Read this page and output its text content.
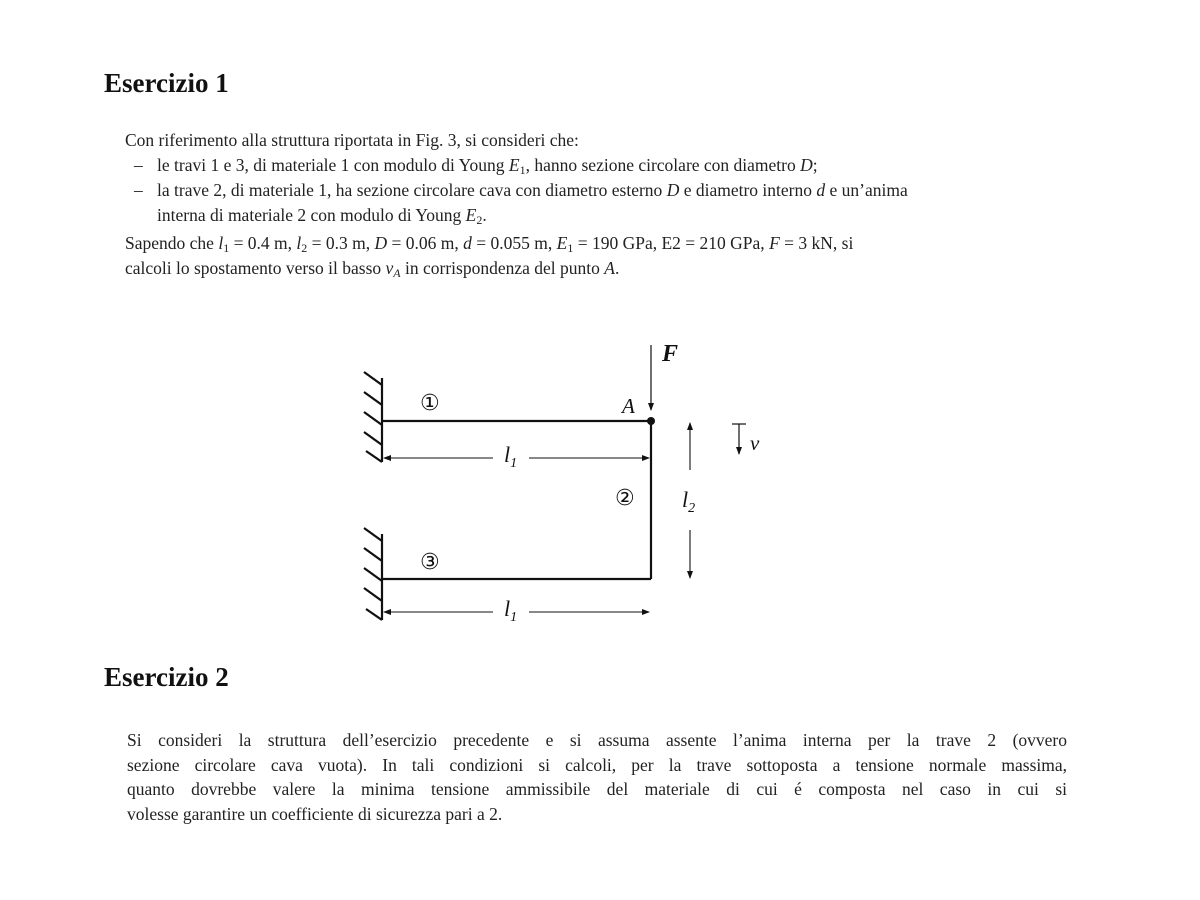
Esercizio 1
Con riferimento alla struttura riportata in Fig. 3, si consideri che:
– le travi 1 e 3, di materiale 1 con modulo di Young $E_1$, hanno sezione circolare con diametro D;
– la trave 2, di materiale 1, ha sezione circolare cava con diametro esterno D e diametro interno d e un’anima
interna di materiale 2 con modulo di Young $E_2$.
Sapendo che $l_1 = 0.4$ m, $l_2 = 0.3$ m, D = 0.06 m, d = 0.055 m, $E_1 = 190$ GPa, E2 = 210 GPa, F = 3 kN, si
calcoli lo spostamento verso il basso $v_A$ in corrispondenza del punto A.
F
A
①
②
③
$l_1$
$l_1$
$l_2$
v
Esercizio 2
Si consideri la struttura dell’esercizio precedente e si assuma assente l’anima interna per la trave 2 (ovvero
sezione circolare cava vuota). In tali condizioni si calcoli, per la trave sottoposta a tensione normale massima,
quanto dovrebbe valere la minima tensione ammissibile del materiale di cui é composta nel caso in cui si
volesse garantire un coefficiente di sicurezza pari a 2.
